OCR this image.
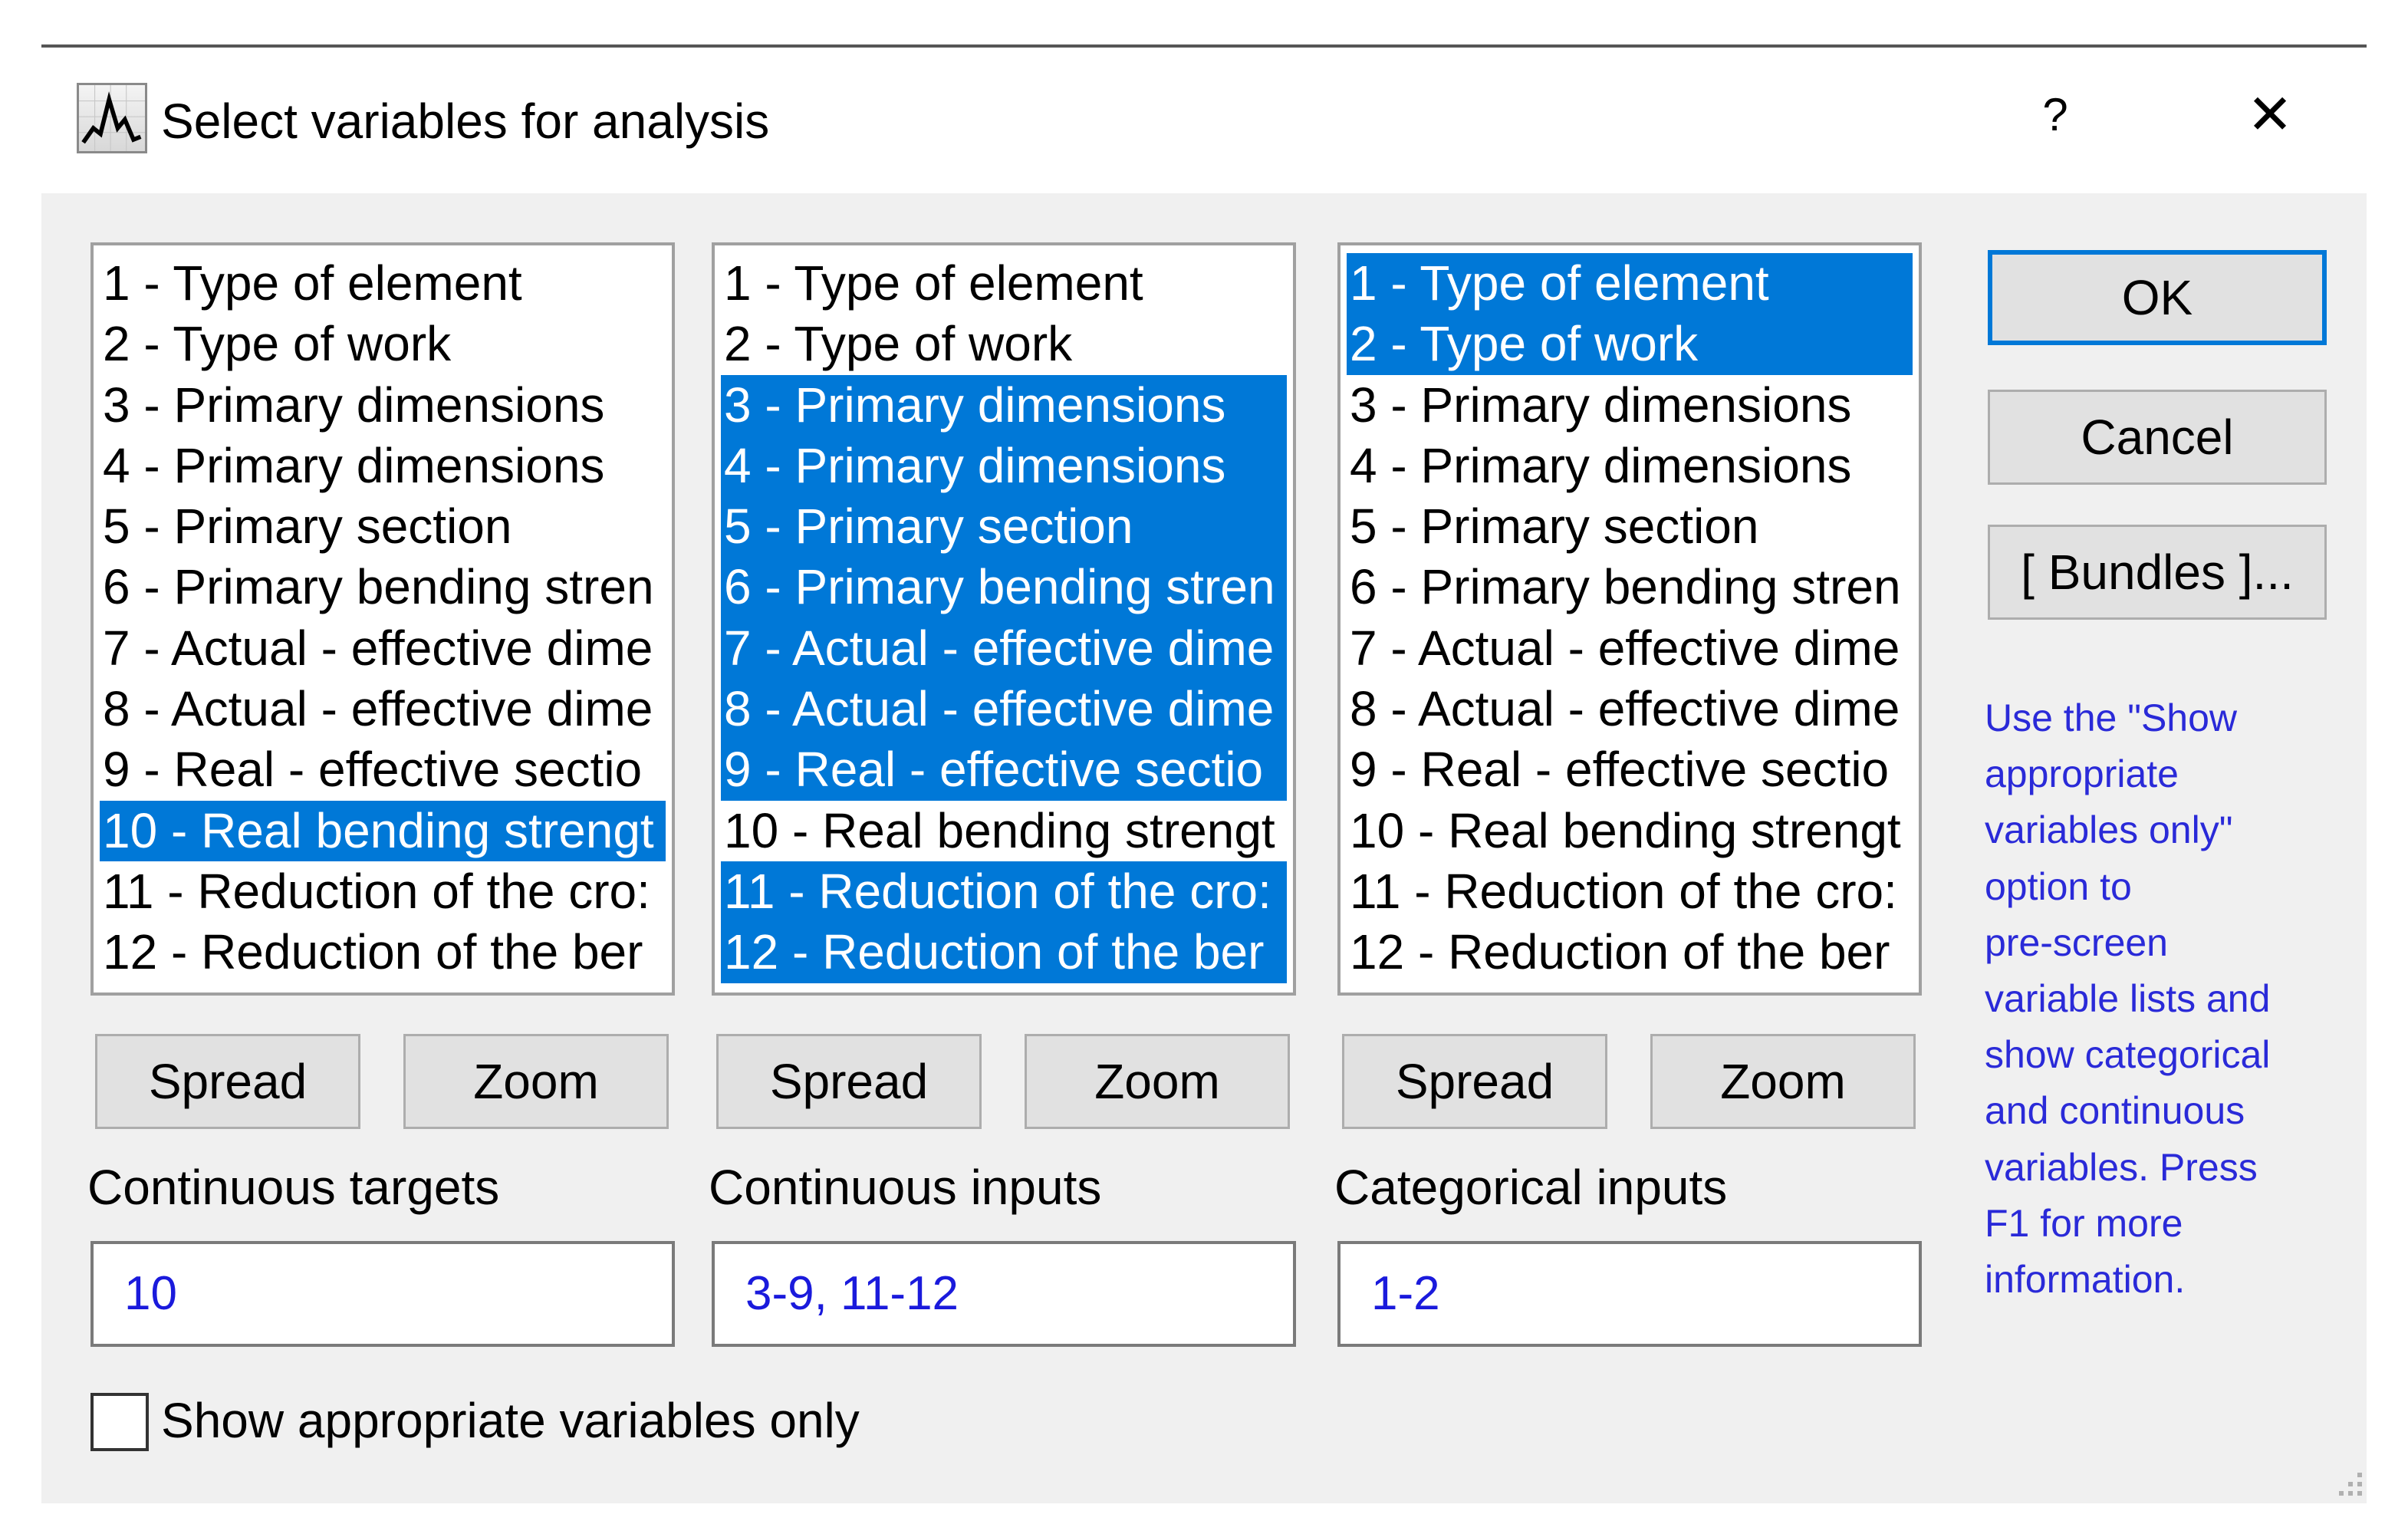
Select variables for analysis	?	✕
1 - Type of element
2 - Type of work
3 - Primary dimensions
4 - Primary dimensions
5 - Primary section
6 - Primary bending stren
7 - Actual - effective dime
8 - Actual - effective dime
9 - Real - effective sectio
10 - Real bending strengt
11 - Reduction of the cro:
12 - Reduction of the ber
1 - Type of element
2 - Type of work
3 - Primary dimensions
4 - Primary dimensions
5 - Primary section
6 - Primary bending stren
7 - Actual - effective dime
8 - Actual - effective dime
9 - Real - effective sectio
10 - Real bending strengt
11 - Reduction of the cro:
12 - Reduction of the ber
1 - Type of element
2 - Type of work
3 - Primary dimensions
4 - Primary dimensions
5 - Primary section
6 - Primary bending stren
7 - Actual - effective dime
8 - Actual - effective dime
9 - Real - effective sectio
10 - Real bending strengt
11 - Reduction of the cro:
12 - Reduction of the ber
Spread	Zoom	Spread	Zoom	Spread	Zoom
Continuous targets	Continuous inputs	Categorical inputs
10	3-9, 11-12	1-2
OK
Cancel
[ Bundles ]...
Use the "Show
appropriate
variables only"
option to
pre-screen
variable lists and
show categorical
and continuous
variables. Press
F1 for more
information.
Show appropriate variables only
